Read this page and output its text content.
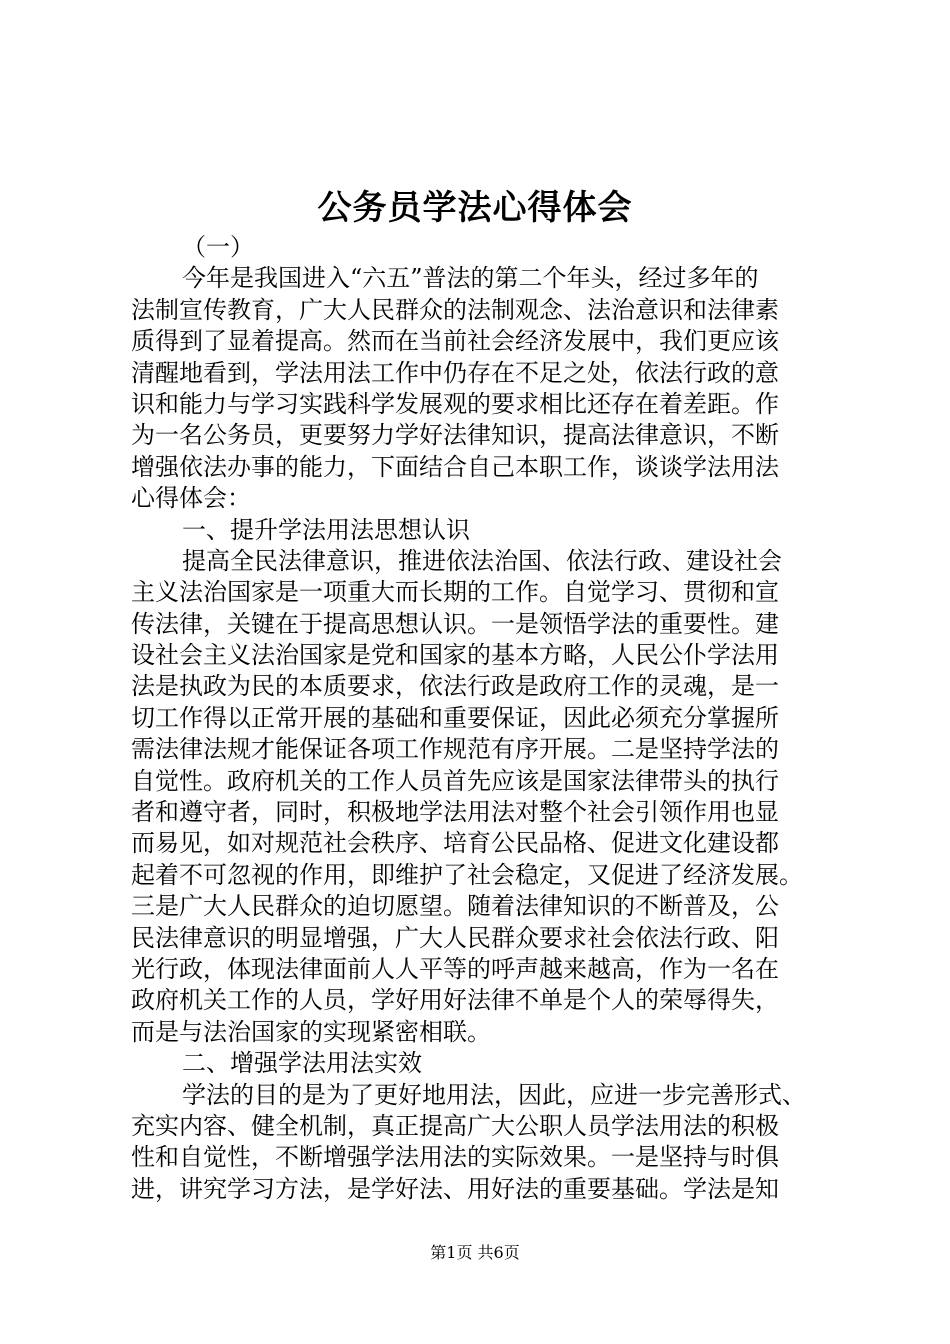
公务员学法心得体会
（一）
今年是我国进入“六五”普法的第二个年头，经过多年的
法制宣传教育，广大人民群众的法制观念、法治意识和法律素
质得到了显着提高。然而在当前社会经济发展中，我们更应该
清醒地看到，学法用法工作中仍存在不足之处，依法行政的意
识和能力与学习实践科学发展观的要求相比还存在着差距。作
为一名公务员，更要努力学好法律知识，提高法律意识，不断
增强依法办事的能力，下面结合自己本职工作，谈谈学法用法
心得体会：
一、提升学法用法思想认识
提高全民法律意识，推进依法治国、依法行政、建设社会
主义法治国家是一项重大而长期的工作。自觉学习、贯彻和宣
传法律，关键在于提高思想认识。一是领悟学法的重要性。建
设社会主义法治国家是党和国家的基本方略，人民公仆学法用
法是执政为民的本质要求，依法行政是政府工作的灵魂，是一
切工作得以正常开展的基础和重要保证，因此必须充分掌握所
需法律法规才能保证各项工作规范有序开展。二是坚持学法的
自觉性。政府机关的工作人员首先应该是国家法律带头的执行
者和遵守者，同时，积极地学法用法对整个社会引领作用也显
而易见，如对规范社会秩序、培育公民品格、促进文化建设都
起着不可忽视的作用，即维护了社会稳定，又促进了经济发展。
三是广大人民群众的迫切愿望。随着法律知识的不断普及，公
民法律意识的明显增强，广大人民群众要求社会依法行政、阳
光行政，体现法律面前人人平等的呼声越来越高，作为一名在
政府机关工作的人员，学好用好法律不单是个人的荣辱得失，
而是与法治国家的实现紧密相联。
二、增强学法用法实效
学法的目的是为了更好地用法，因此，应进一步完善形式、
充实内容、健全机制，真正提高广大公职人员学法用法的积极
性和自觉性，不断增强学法用法的实际效果。一是坚持与时俱
进，讲究学习方法，是学好法、用好法的重要基础。学法是知
第1页 共6页
